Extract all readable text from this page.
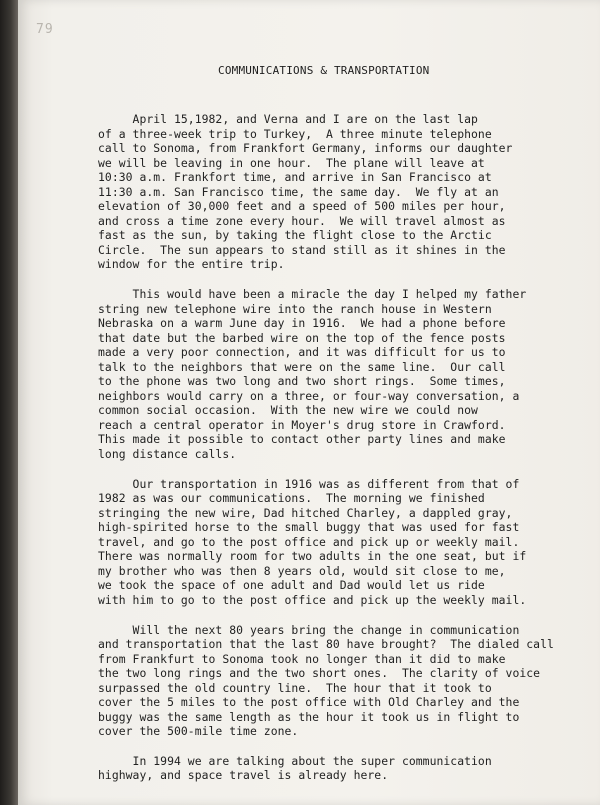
79
COMMUNICATIONS & TRANSPORTATION
April 15,1982, and Verna and I are on the last lap
of a three-week trip to Turkey,  A three minute telephone
call to Sonoma, from Frankfort Germany, informs our daughter
we will be leaving in one hour.  The plane will leave at
10:30 a.m. Frankfort time, and arrive in San Francisco at
11:30 a.m. San Francisco time, the same day.  We fly at an
elevation of 30,000 feet and a speed of 500 miles per hour,
and cross a time zone every hour.  We will travel almost as
fast as the sun, by taking the flight close to the Arctic
Circle.  The sun appears to stand still as it shines in the
window for the entire trip.
This would have been a miracle the day I helped my father
string new telephone wire into the ranch house in Western
Nebraska on a warm June day in 1916.  We had a phone before
that date but the barbed wire on the top of the fence posts
made a very poor connection, and it was difficult for us to
talk to the neighbors that were on the same line.  Our call
to the phone was two long and two short rings.  Some times,
neighbors would carry on a three, or four-way conversation, a
common social occasion.  With the new wire we could now
reach a central operator in Moyer's drug store in Crawford.
This made it possible to contact other party lines and make
long distance calls.
Our transportation in 1916 was as different from that of
1982 as was our communications.  The morning we finished
stringing the new wire, Dad hitched Charley, a dappled gray,
high-spirited horse to the small buggy that was used for fast
travel, and go to the post office and pick up or weekly mail.
There was normally room for two adults in the one seat, but if
my brother who was then 8 years old, would sit close to me,
we took the space of one adult and Dad would let us ride
with him to go to the post office and pick up the weekly mail.
Will the next 80 years bring the change in communication
and transportation that the last 80 have brought?  The dialed call
from Frankfurt to Sonoma took no longer than it did to make
the two long rings and the two short ones.  The clarity of voice
surpassed the old country line.  The hour that it took to
cover the 5 miles to the post office with Old Charley and the
buggy was the same length as the hour it took us in flight to
cover the 500-mile time zone.
In 1994 we are talking about the super communication
highway, and space travel is already here.
